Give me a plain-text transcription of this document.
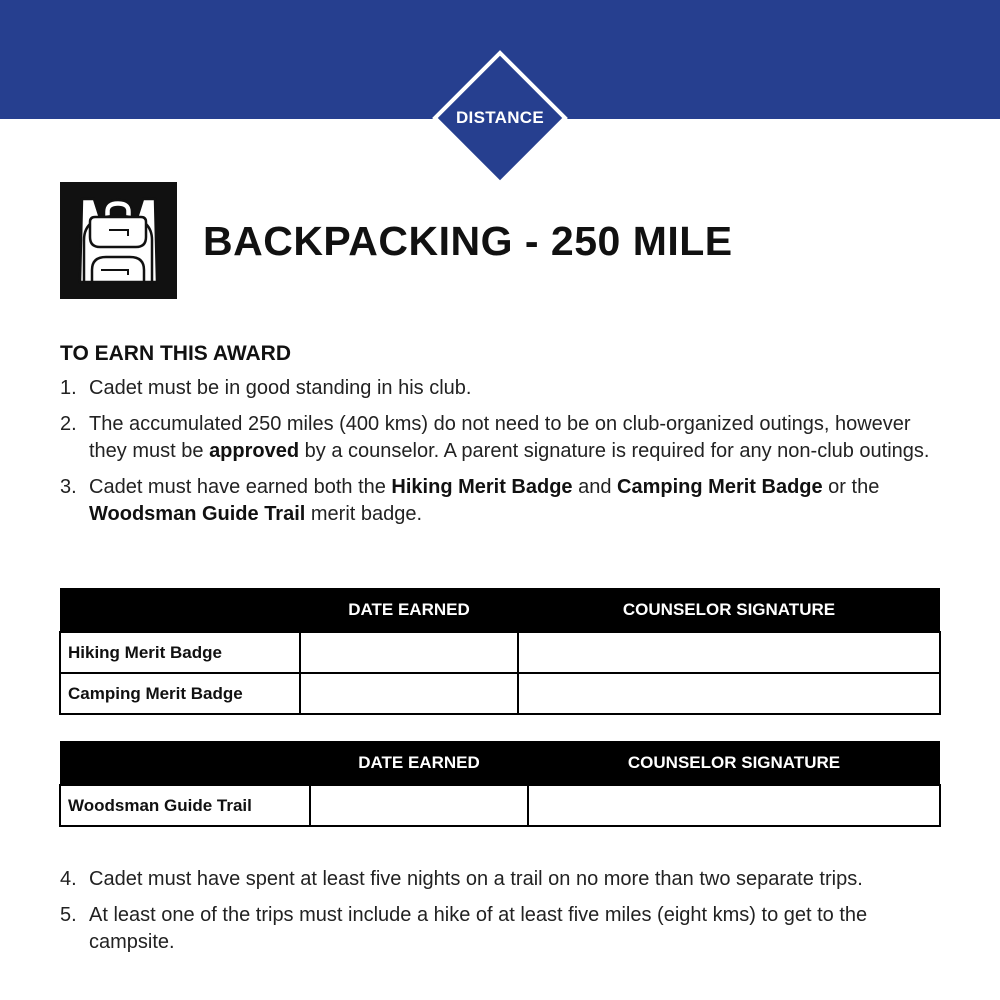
DISTANCE
BACKPACKING - 250 MILE
TO EARN THIS AWARD
1. Cadet must be in good standing in his club.
2. The accumulated 250 miles (400 kms) do not need to be on club-organized outings, however they must be approved by a counselor. A parent signature is required for any non-club outings.
3. Cadet must have earned both the Hiking Merit Badge and Camping Merit Badge or the Woodsman Guide Trail merit badge.
	DATE EARNED	COUNSELOR SIGNATURE
Hiking Merit Badge		
Camping Merit Badge		
	DATE EARNED	COUNSELOR SIGNATURE
Woodsman Guide Trail		
4. Cadet must have spent at least five nights on a trail on no more than two separate trips.
5. At least one of the trips must include a hike of at least five miles (eight kms) to get to the campsite.
